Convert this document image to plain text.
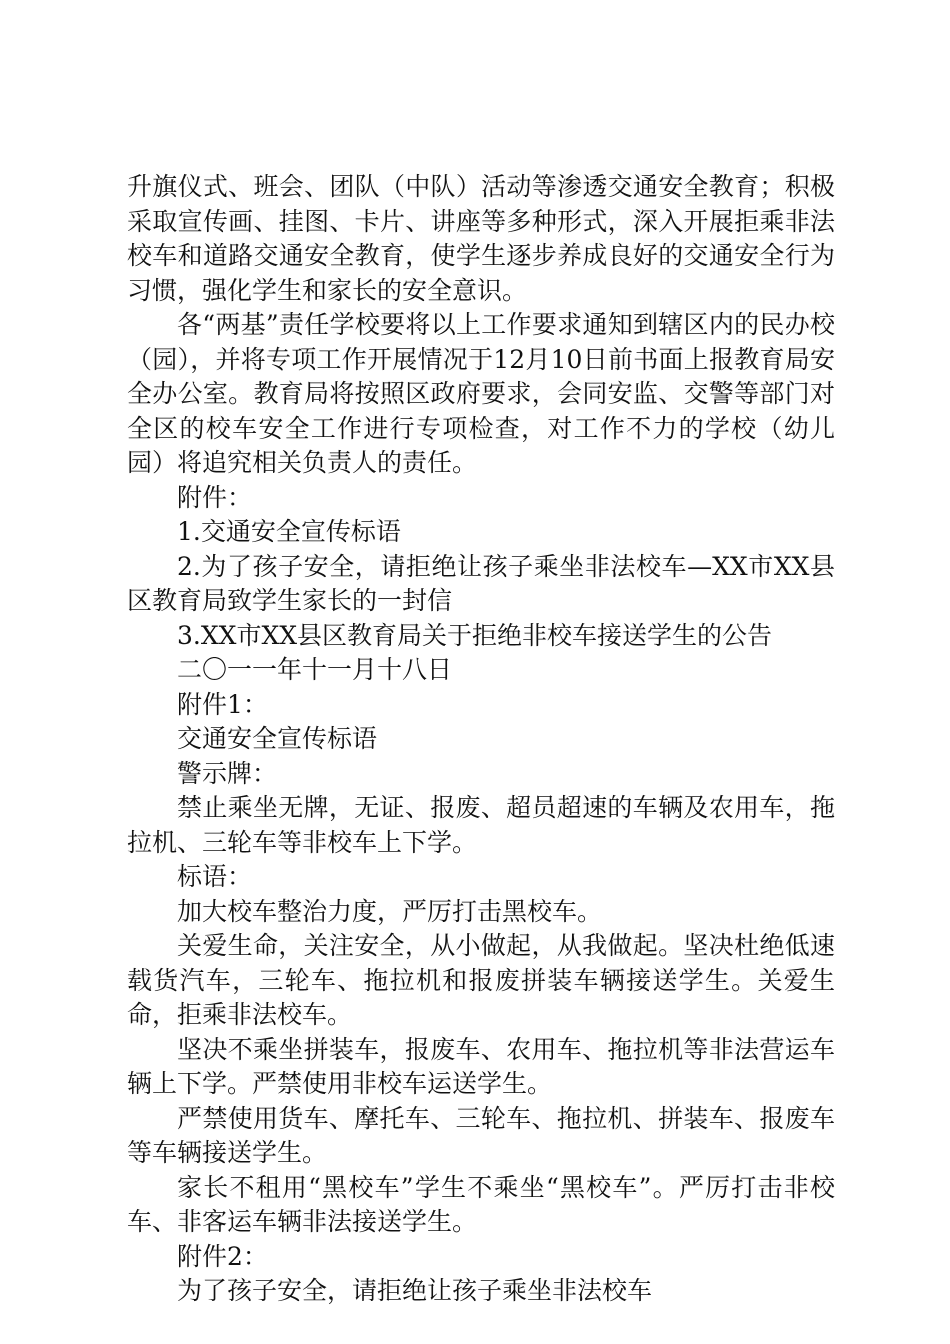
升旗仪式、班会、团队（中队）活动等渗透交通安全教育；积极采取宣传画、挂图、卡片、讲座等多种形式，深入开展拒乘非法校车和道路交通安全教育，使学生逐步养成良好的交通安全行为习惯，强化学生和家长的安全意识。

各“两基”责任学校要将以上工作要求通知到辖区内的民办校（园），并将专项工作开展情况于12月10日前书面上报教育局安全办公室。教育局将按照区政府要求，会同安监、交警等部门对全区的校车安全工作进行专项检查，对工作不力的学校（幼儿园）将追究相关负责人的责任。

附件：

1.交通安全宣传标语

2.为了孩子安全，请拒绝让孩子乘坐非法校车—XX市XX县区教育局致学生家长的一封信

3.XX市XX县区教育局关于拒绝非校车接送学生的公告

二〇一一年十一月十八日

附件1：

交通安全宣传标语

警示牌：

禁止乘坐无牌，无证、报废、超员超速的车辆及农用车，拖拉机、三轮车等非校车上下学。

标语：

加大校车整治力度，严厉打击黑校车。

关爱生命，关注安全，从小做起，从我做起。坚决杜绝低速载货汽车，三轮车、拖拉机和报废拼装车辆接送学生。关爱生命，拒乘非法校车。

坚决不乘坐拼装车，报废车、农用车、拖拉机等非法营运车辆上下学。严禁使用非校车运送学生。

严禁使用货车、摩托车、三轮车、拖拉机、拼装车、报废车等车辆接送学生。

家长不租用“黑校车”学生不乘坐“黑校车”。严厉打击非校车、非客运车辆非法接送学生。

附件2：

为了孩子安全，请拒绝让孩子乘坐非法校车
